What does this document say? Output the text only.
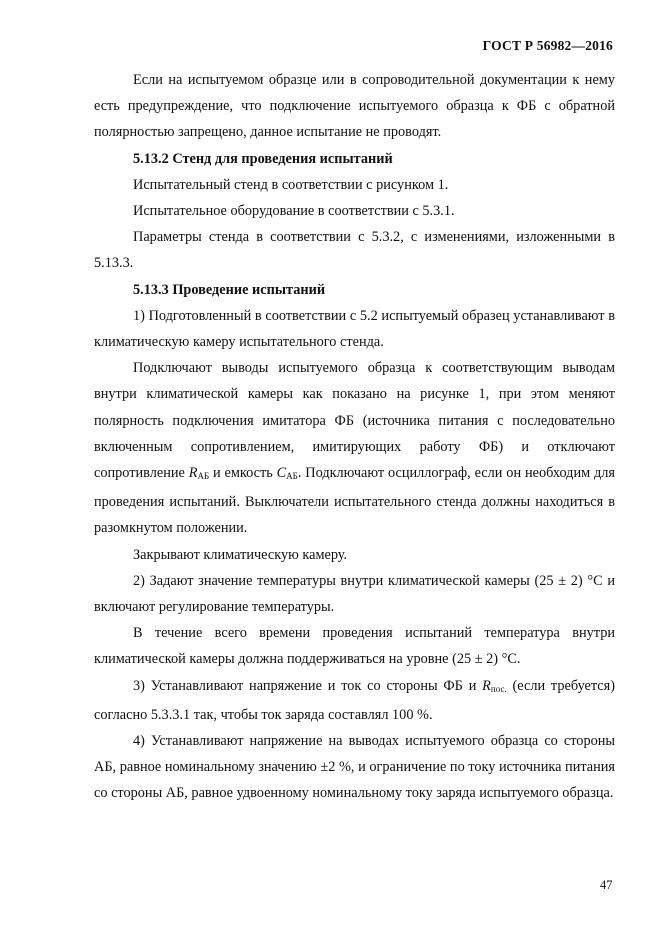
ГОСТ Р 56982—2016

Если на испытуемом образце или в сопроводительной документации к нему есть предупреждение, что подключение испытуемого образца к ФБ с обратной полярностью запрещено, данное испытание не проводят.

5.13.2 Стенд для проведения испытаний

Испытательный стенд в соответствии с рисунком 1.

Испытательное оборудование в соответствии с 5.3.1.

Параметры стенда в соответствии с 5.3.2, с изменениями, изложенными в 5.13.3.

5.13.3 Проведение испытаний

1) Подготовленный в соответствии с 5.2 испытуемый образец устанавливают в климатическую камеру испытательного стенда.

Подключают выводы испытуемого образца к соответствующим выводам внутри климатической камеры как показано на рисунке 1, при этом меняют полярность подключения имитатора ФБ (источника питания с последовательно включенным сопротивлением, имитирующих работу ФБ) и отключают сопротивление $R_{АБ}$ и емкость $C_{АБ}$. Подключают осциллограф, если он необходим для проведения испытаний. Выключатели испытательного стенда должны находиться в разомкнутом положении.

Закрывают климатическую камеру.

2) Задают значение температуры внутри климатической камеры (25 ± 2) °С и включают регулирование температуры.

В течение всего времени проведения испытаний температура внутри климатической камеры должна поддерживаться на уровне (25 ± 2) °С.

3) Устанавливают напряжение и ток со стороны ФБ и $R_{пос.}$ (если требуется) согласно 5.3.3.1 так, чтобы ток заряда составлял 100 %.

4) Устанавливают напряжение на выводах испытуемого образца со стороны АБ, равное номинальному значению ±2 %, и ограничение по току источника питания со стороны АБ, равное удвоенному номинальному току заряда испытуемого образца.

47
